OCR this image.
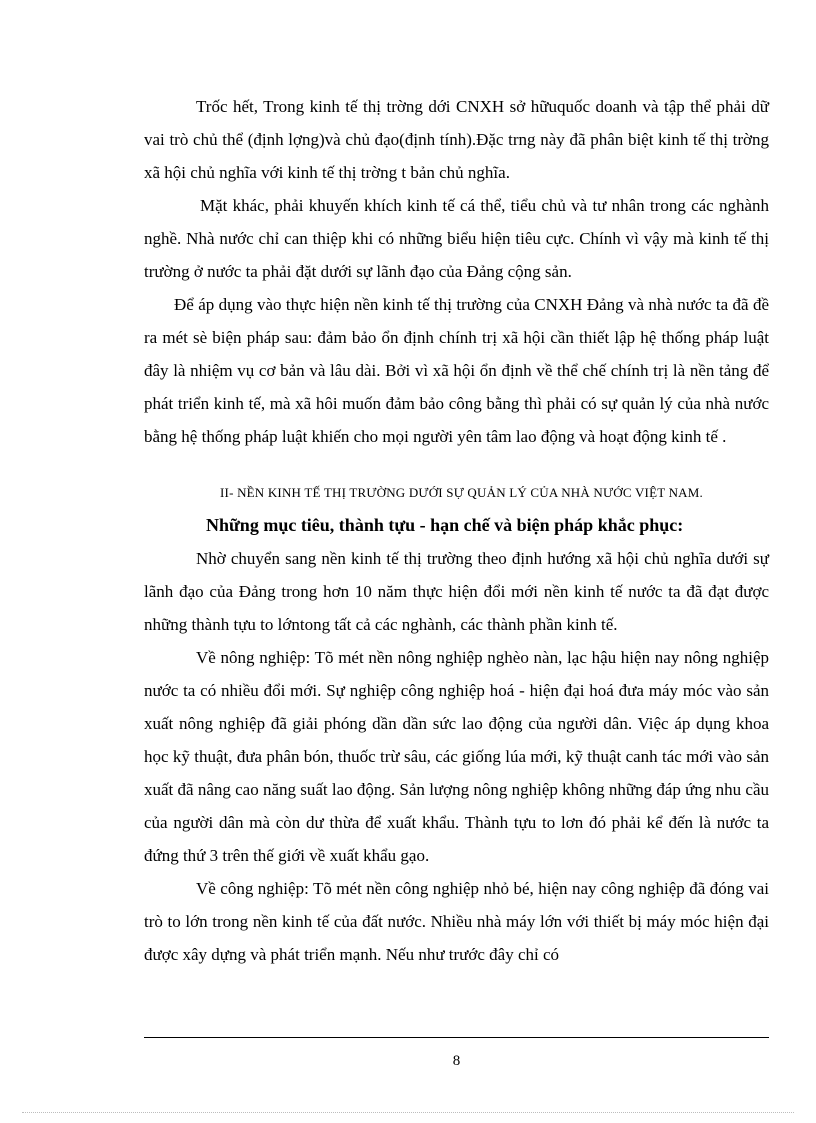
Trốc hết, Trong kinh tế thị trờng dới CNXH sở hữuquốc doanh và tập thể phải dữ vai trò chủ thể (định lợng)và chủ đạo(định tính).Đặc trng này đã phân biệt kinh tế thị trờng xã hội chủ nghĩa với kinh tế thị trờng t bản chủ nghĩa.

Mặt khác, phải khuyến khích kinh tế cá thể, tiểu chủ và tư nhân trong các nghành nghề. Nhà nước chỉ can thiệp khi có những biểu hiện tiêu cực. Chính vì vậy mà kinh tế thị trường ở nước ta phải đặt dưới sự lãnh đạo của Đảng cộng sản.

Để áp dụng vào thực hiện nền kinh tế thị trường của CNXH Đảng và nhà nước ta đã đề ra mét sè biện pháp sau: đảm bảo ổn định chính trị xã hội cần thiết lập hệ thống pháp luật đây là nhiệm vụ cơ bản và lâu dài. Bởi vì xã hội ổn định về thể chế chính trị là nền tảng để phát triển kinh tế, mà xã hôi muốn đảm bảo công bằng thì phải có sự quản lý của nhà nước bằng hệ thống pháp luật khiến cho mọi người yên tâm lao động và hoạt động kinh tế .

II- NỀN KINH TẾ THỊ TRƯỜNG DƯỚI SỰ QUẢN LÝ CỦA NHÀ NƯỚC VIỆT NAM.

Những mục tiêu, thành tựu - hạn chế và biện pháp khắc phục:

Nhờ chuyển sang nền kinh tế thị trường theo định hướng xã hội chủ nghĩa dưới sự lãnh đạo của Đảng trong hơn 10 năm thực hiện đổi mới nền kinh tế nước ta đã đạt được những thành tựu to lớntong tất cả các nghành, các thành phần kinh tế.

Về nông nghiệp: Tõ mét nền nông nghiệp nghèo nàn, lạc hậu hiện nay nông nghiệp nước ta có nhiều đổi mới. Sự nghiệp công nghiệp hoá - hiện đại hoá đưa máy móc vào sản xuất nông nghiệp đã giải phóng dần dần sức lao động của người dân. Việc áp dụng khoa học kỹ thuật, đưa phân bón, thuốc trừ sâu, các giống lúa mới, kỹ thuật canh tác mới vào sản xuất đã nâng cao năng suất lao động. Sản lượng nông nghiệp không những đáp ứng nhu cầu của người dân mà còn dư thừa để xuất khẩu. Thành tựu to lơn đó phải kể đến là nước ta đứng thứ 3 trên thế giới về xuất khẩu gạo.

Về công nghiệp: Tõ mét nền công nghiệp nhỏ bé, hiện nay công nghiệp đã đóng vai trò to lớn trong nền kinh tế của đất nước. Nhiều nhà máy lớn với thiết bị máy móc hiện đại được xây dựng và phát triển mạnh. Nếu như trước đây chỉ có

8
